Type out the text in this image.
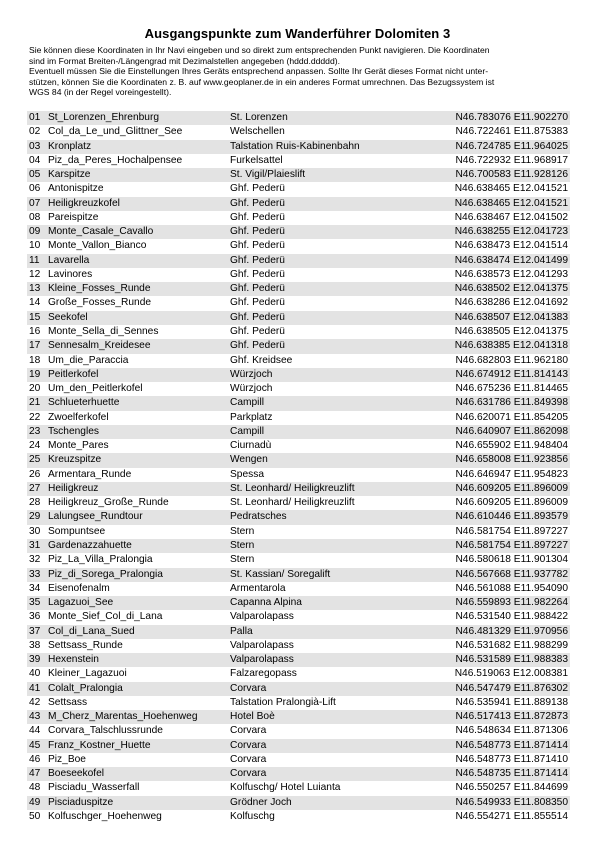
Ausgangspunkte zum Wanderführer Dolomiten 3
Sie können diese Koordinaten in Ihr Navi eingeben und so direkt zum entsprechenden Punkt navigieren. Die Koordinaten
sind im Format Breiten-/Längengrad mit Dezimalstellen angegeben (hddd.ddddd).
Eventuell müssen Sie die Einstellungen Ihres Geräts entsprechend anpassen. Sollte Ihr Gerät dieses Format nicht unter-
stützen, können Sie die Koordinaten z. B. auf www.geoplaner.de in ein anderes Format umrechnen. Das Bezugssystem ist
WGS 84 (in der Regel voreingestellt).
01 St_Lorenzen_Ehrenburg	St. Lorenzen	N46.783076 E11.902270
02 Col_da_Le_und_Glittner_See	Welschellen	N46.722461 E11.875383
03 Kronplatz	Talstation Ruis-Kabinenbahn	N46.724785 E11.964025
04 Piz_da_Peres_Hochalpensee	Furkelsattel	N46.722932 E11.968917
05 Karspitze	St. Vigil/Plaieslift	N46.700583 E11.928126
06 Antonispitze	Ghf. Pederü	N46.638465 E12.041521
07 Heiligkreuzkofel	Ghf. Pederü	N46.638465 E12.041521
08 Pareispitze	Ghf. Pederü	N46.638467 E12.041502
09 Monte_Casale_Cavallo	Ghf. Pederü	N46.638255 E12.041723
10 Monte_Vallon_Bianco	Ghf. Pederü	N46.638473 E12.041514
11 Lavarella	Ghf. Pederü	N46.638474 E12.041499
12 Lavinores	Ghf. Pederü	N46.638573 E12.041293
13 Kleine_Fosses_Runde	Ghf. Pederü	N46.638502 E12.041375
14 Große_Fosses_Runde	Ghf. Pederü	N46.638286 E12.041692
15 Seekofel	Ghf. Pederü	N46.638507 E12.041383
16 Monte_Sella_di_Sennes	Ghf. Pederü	N46.638505 E12.041375
17 Sennesalm_Kreidesee	Ghf. Pederü	N46.638385 E12.041318
18 Um_die_Paraccia	Ghf. Kreidsee	N46.682803 E11.962180
19 Peitlerkofel	Würzjoch	N46.674912 E11.814143
20 Um_den_Peitlerkofel	Würzjoch	N46.675236 E11.814465
21 Schlueterhuette	Campill	N46.631786 E11.849398
22 Zwoelferkofel	Parkplatz	N46.620071 E11.854205
23 Tschengles	Campill	N46.640907 E11.862098
24 Monte_Pares	Ciurnadù	N46.655902 E11.948404
25 Kreuzspitze	Wengen	N46.658008 E11.923856
26 Armentara_Runde	Spessa	N46.646947 E11.954823
27 Heiligkreuz	St. Leonhard/ Heiligkreuzlift	N46.609205 E11.896009
28 Heiligkreuz_Große_Runde	St. Leonhard/ Heiligkreuzlift	N46.609205 E11.896009
29 Lalungsee_Rundtour	Pedratsches	N46.610446 E11.893579
30 Sompuntsee	Stern	N46.581754 E11.897227
31 Gardenazzahuette	Stern	N46.581754 E11.897227
32 Piz_La_Villa_Pralongia	Stern	N46.580618 E11.901304
33 Piz_di_Sorega_Pralongia	St. Kassian/ Soregalift	N46.567668 E11.937782
34 Eisenofenalm	Armentarola	N46.561088 E11.954090
35 Lagazuoi_See	Capanna Alpina	N46.559893 E11.982264
36 Monte_Sief_Col_di_Lana	Valparolapass	N46.531540 E11.988422
37 Col_di_Lana_Sued	Palla	N46.481329 E11.970956
38 Settsass_Runde	Valparolapass	N46.531682 E11.988299
39 Hexenstein	Valparolapass	N46.531589 E11.988383
40 Kleiner_Lagazuoi	Falzaregopass	N46.519063 E12.008381
41 Colalt_Pralongia	Corvara	N46.547479 E11.876302
42 Settsass	Talstation Pralongià-Lift	N46.535941 E11.889138
43 M_Cherz_Marentas_Hoehenweg	Hotel Boè	N46.517413 E11.872873
44 Corvara_Talschlussrunde	Corvara	N46.548634 E11.871306
45 Franz_Kostner_Huette	Corvara	N46.548773 E11.871414
46 Piz_Boe	Corvara	N46.548773 E11.871410
47 Boeseekofel	Corvara	N46.548735 E11.871414
48 Pisciadu_Wasserfall	Kolfuschg/ Hotel Luianta	N46.550257 E11.844699
49 Pisciaduspitze	Grödner Joch	N46.549933 E11.808350
50 Kolfuschger_Hoehenweg	Kolfuschg	N46.554271 E11.855514
